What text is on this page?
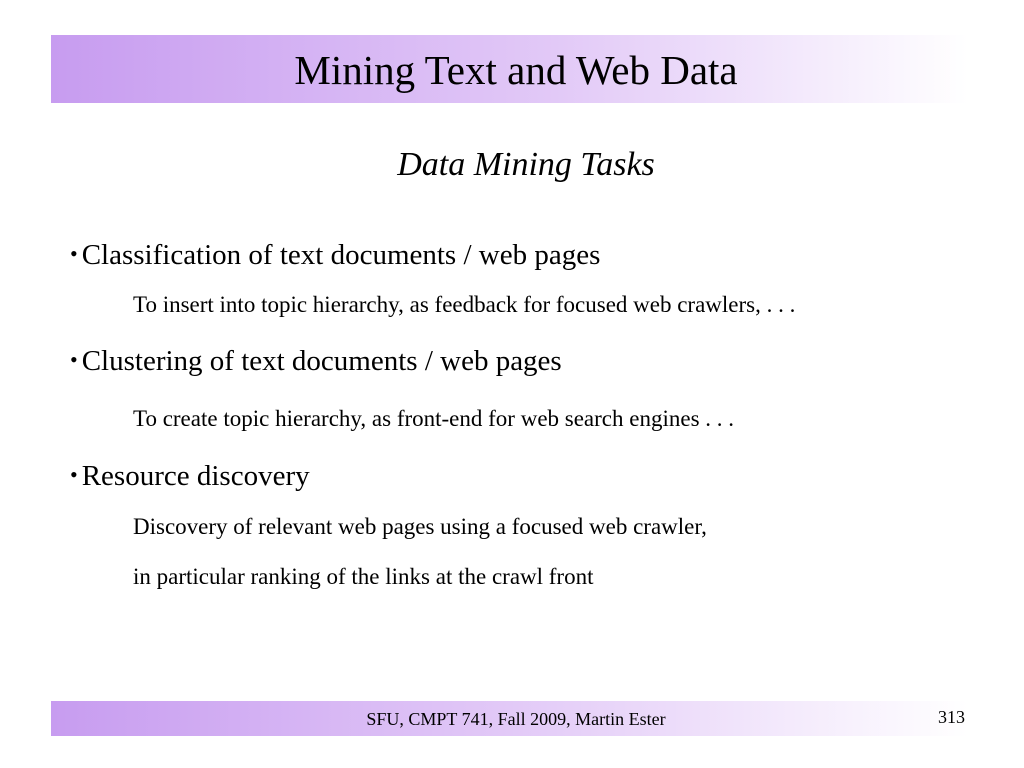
Mining Text and Web Data
Data Mining Tasks
• Classification of text documents / web pages
To insert into topic hierarchy, as feedback for focused web crawlers, . . .
• Clustering of text documents / web pages
To create topic hierarchy, as front-end for web search engines . . .
• Resource discovery
Discovery of relevant web pages using a focused web crawler,
in particular ranking of the links at the crawl front
SFU, CMPT 741, Fall 2009, Martin Ester	313
